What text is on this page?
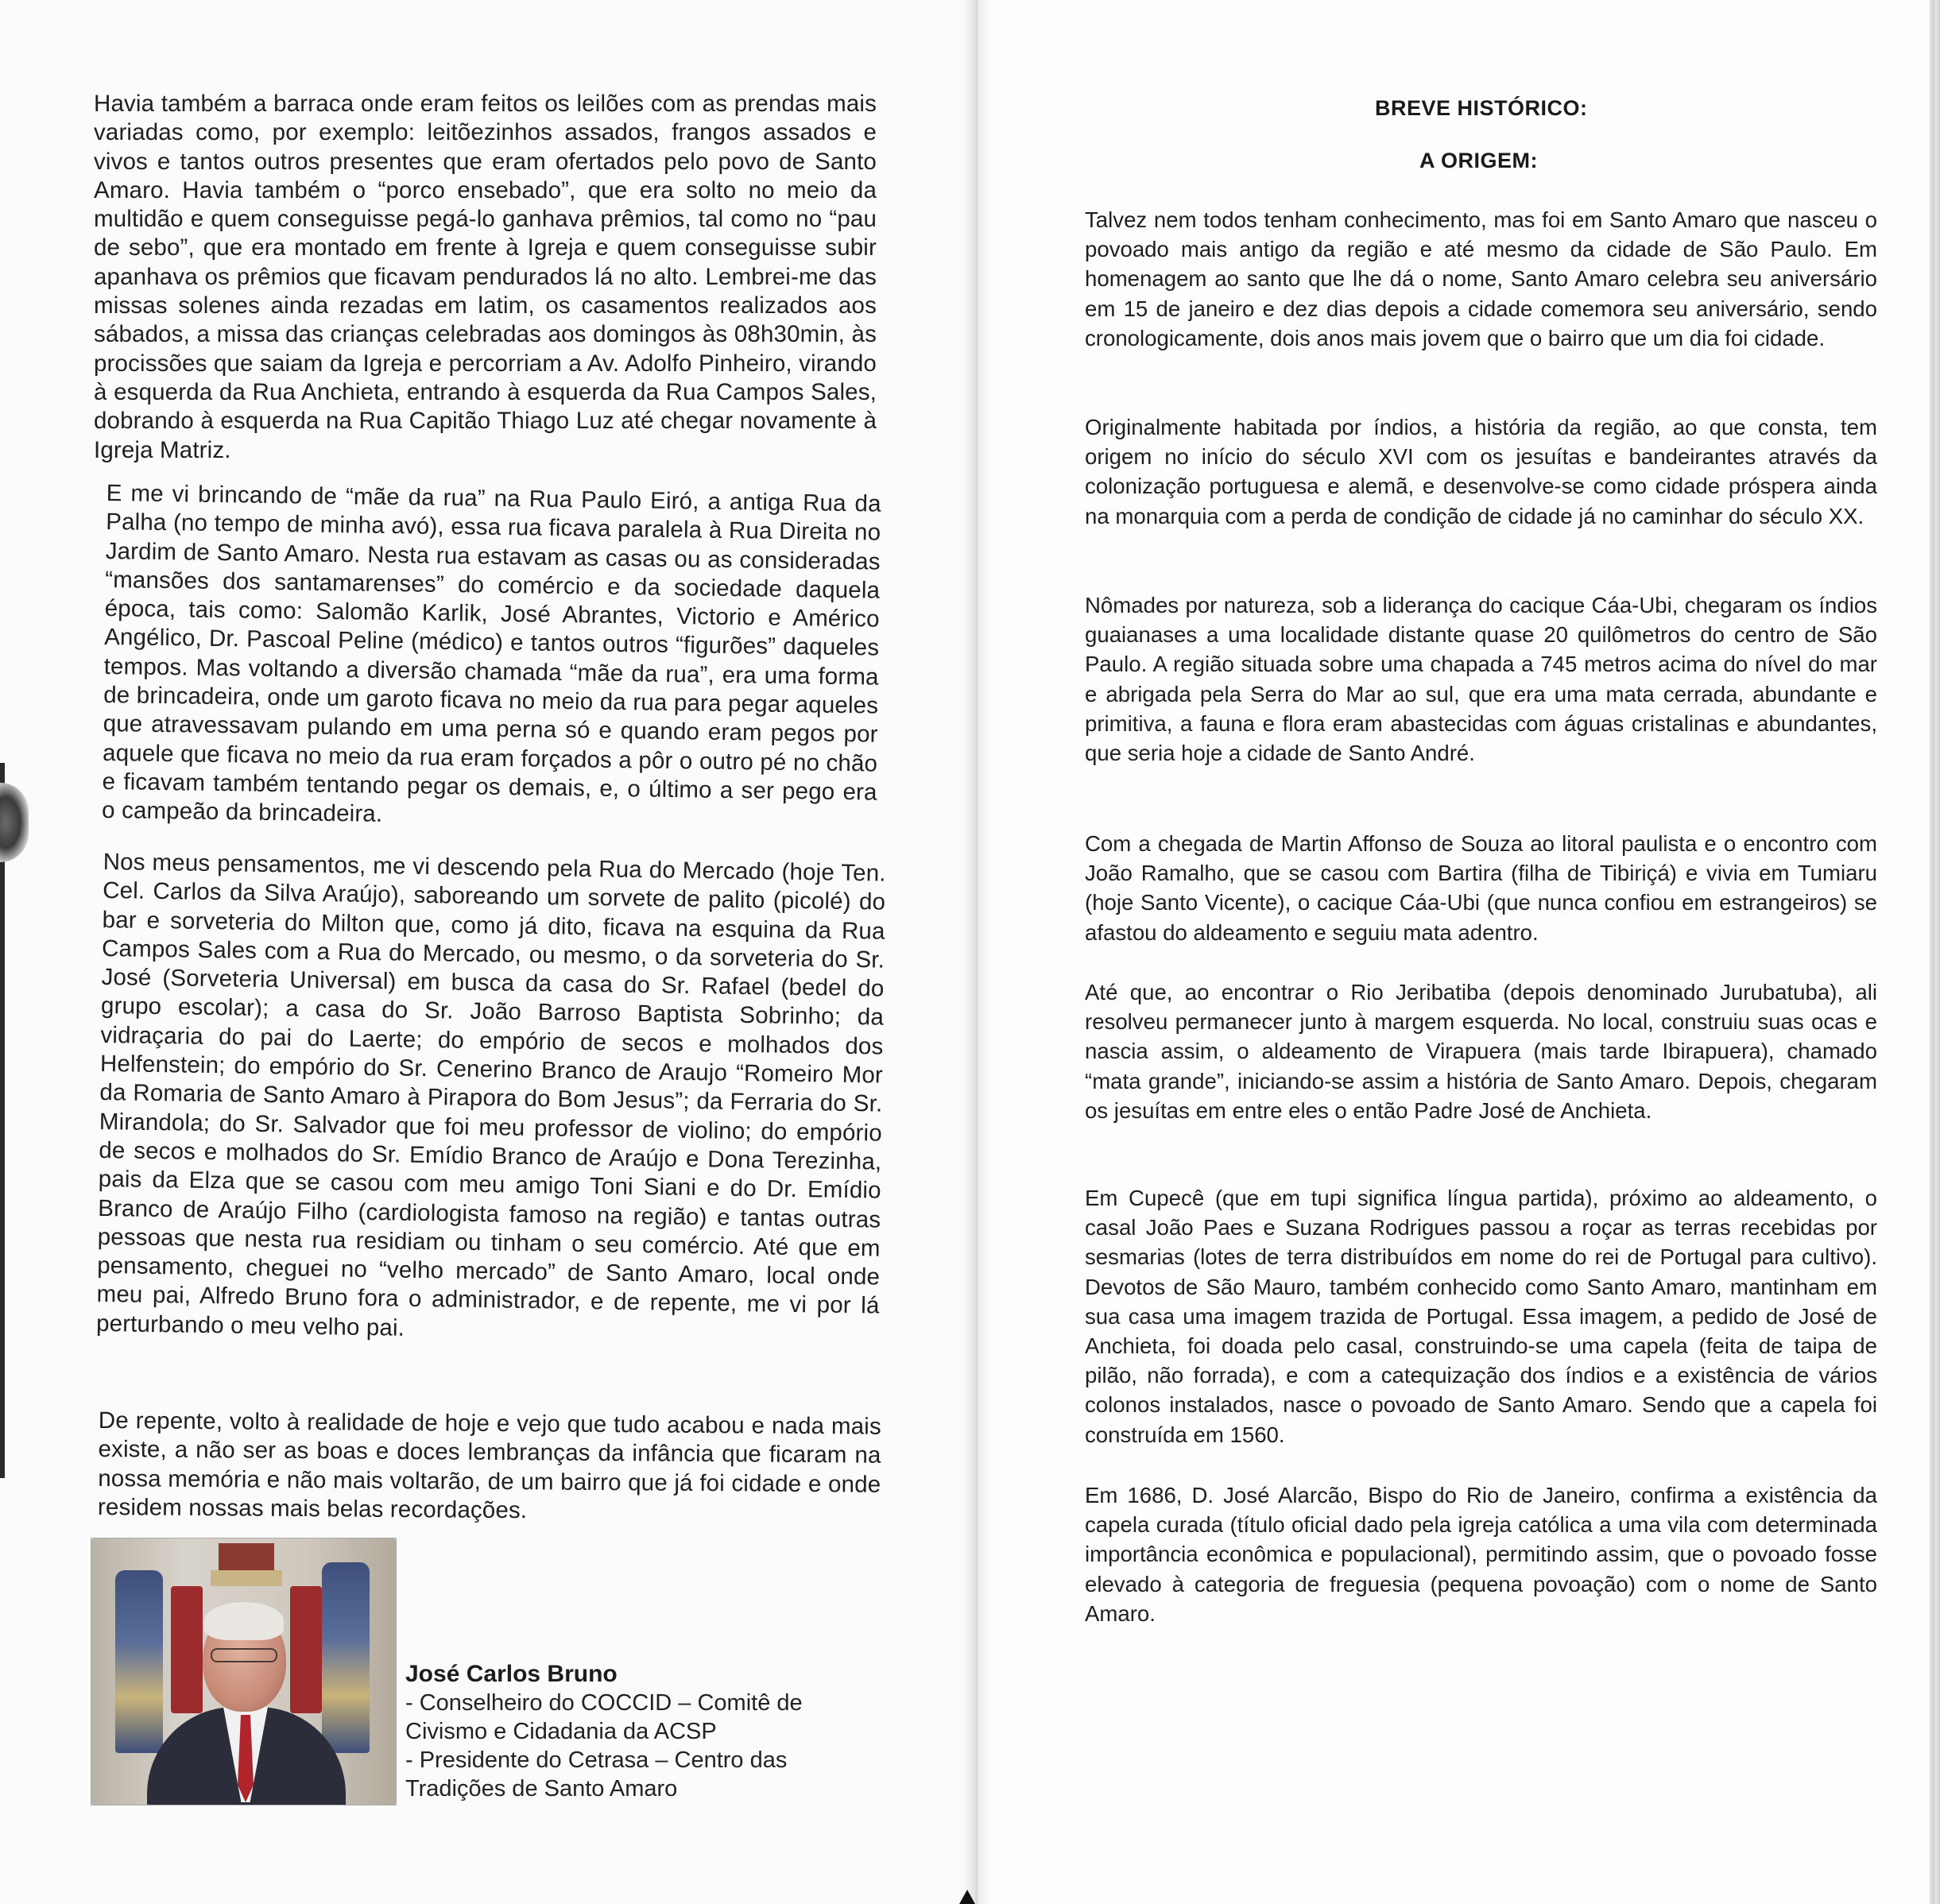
Havia também a barraca onde eram feitos os leilões com as prendas mais variadas como, por exemplo: leitõezinhos assados, frangos assados e vivos e tantos outros presentes que eram ofertados pelo povo de Santo Amaro. Havia também o “porco ensebado”, que era solto no meio da multidão e quem conseguisse pegá-lo ganhava prêmios, tal como no “pau de sebo”, que era montado em frente à Igreja e quem conseguisse subir apanhava os prêmios que ficavam pendurados lá no alto. Lembrei-me das missas solenes ainda rezadas em latim, os casamentos realizados aos sábados, a missa das crianças celebradas aos domingos às 08h30min, às procissões que saiam da Igreja e percorriam a Av. Adolfo Pinheiro, virando à esquerda da Rua Anchieta, entrando à esquerda da Rua Campos Sales, dobrando à esquerda na Rua Capitão Thiago Luz até chegar novamente à Igreja Matriz.

E me vi brincando de “mãe da rua” na Rua Paulo Eiró, a antiga Rua da Palha (no tempo de minha avó), essa rua ficava paralela à Rua Direita no Jardim de Santo Amaro. Nesta rua estavam as casas ou as consideradas “mansões dos santamarenses” do comércio e da sociedade daquela época, tais como: Salomão Karlik, José Abrantes, Victorio e Américo Angélico, Dr. Pascoal Peline (médico) e tantos outros “figurões” daqueles tempos. Mas voltando a diversão chamada “mãe da rua”, era uma forma de brincadeira, onde um garoto ficava no meio da rua para pegar aqueles que atravessavam pulando em uma perna só e quando eram pegos por aquele que ficava no meio da rua eram forçados a pôr o outro pé no chão e ficavam também tentando pegar os demais, e, o último a ser pego era o campeão da brincadeira.

Nos meus pensamentos, me vi descendo pela Rua do Mercado (hoje Ten. Cel. Carlos da Silva Araújo), saboreando um sorvete de palito (picolé) do bar e sorveteria do Milton que, como já dito, ficava na esquina da Rua Campos Sales com a Rua do Mercado, ou mesmo, o da sorveteria do Sr. José (Sorveteria Universal) em busca da casa do Sr. Rafael (bedel do grupo escolar); a casa do Sr. João Barroso Baptista Sobrinho; da vidraçaria do pai do Laerte; do empório de secos e molhados dos Helfenstein; do empório do Sr. Cenerino Branco de Araujo “Romeiro Mor da Romaria de Santo Amaro à Pirapora do Bom Jesus”; da Ferraria do Sr. Mirandola; do Sr. Salvador que foi meu professor de violino; do empório de secos e molhados do Sr. Emídio Branco de Araújo e Dona Terezinha, pais da Elza que se casou com meu amigo Toni Siani e do Dr. Emídio Branco de Araújo Filho (cardiologista famoso na região) e tantas outras pessoas que nesta rua residiam ou tinham o seu comércio. Até que em pensamento, cheguei no “velho mercado” de Santo Amaro, local onde meu pai, Alfredo Bruno fora o administrador, e de repente, me vi por lá perturbando o meu velho pai.

De repente, volto à realidade de hoje e vejo que tudo acabou e nada mais existe, a não ser as boas e doces lembranças da infância que ficaram na nossa memória e não mais voltarão, de um bairro que já foi cidade e onde residem nossas mais belas recordações.

José Carlos Bruno
- Conselheiro do COCCID – Comitê de Civismo e Cidadania da ACSP
- Presidente do Cetrasa – Centro das Tradições de Santo Amaro
BREVE HISTÓRICO:
A ORIGEM:

Talvez nem todos tenham conhecimento, mas foi em Santo Amaro que nasceu o povoado mais antigo da região e até mesmo da cidade de São Paulo. Em homenagem ao santo que lhe dá o nome, Santo Amaro celebra seu aniversário em 15 de janeiro e dez dias depois a cidade comemora seu aniversário, sendo cronologicamente, dois anos mais jovem que o bairro que um dia foi cidade.

Originalmente habitada por índios, a história da região, ao que consta, tem origem no início do século XVI com os jesuítas e bandeirantes através da colonização portuguesa e alemã, e desenvolve-se como cidade próspera ainda na monarquia com a perda de condição de cidade já no caminhar do século XX.

Nômades por natureza, sob a liderança do cacique Cáa-Ubi, chegaram os índios guaianases a uma localidade distante quase 20 quilômetros do centro de São Paulo. A região situada sobre uma chapada a 745 metros acima do nível do mar e abrigada pela Serra do Mar ao sul, que era uma mata cerrada, abundante e primitiva, a fauna e flora eram abastecidas com águas cristalinas e abundantes, que seria hoje a cidade de Santo André.

Com a chegada de Martin Affonso de Souza ao litoral paulista e o encontro com João Ramalho, que se casou com Bartira (filha de Tibiriçá) e vivia em Tumiaru (hoje Santo Vicente), o cacique Cáa-Ubi (que nunca confiou em estrangeiros) se afastou do aldeamento e seguiu mata adentro.

Até que, ao encontrar o Rio Jeribatiba (depois denominado Jurubatuba), ali resolveu permanecer junto à margem esquerda. No local, construiu suas ocas e nascia assim, o aldeamento de Virapuera (mais tarde Ibirapuera), chamado “mata grande”, iniciando-se assim a história de Santo Amaro. Depois, chegaram os jesuítas em entre eles o então Padre José de Anchieta.

Em Cupecê (que em tupi significa língua partida), próximo ao aldeamento, o casal João Paes e Suzana Rodrigues passou a roçar as terras recebidas por sesmarias (lotes de terra distribuídos em nome do rei de Portugal para cultivo). Devotos de São Mauro, também conhecido como Santo Amaro, mantinham em sua casa uma imagem trazida de Portugal. Essa imagem, a pedido de José de Anchieta, foi doada pelo casal, construindo-se uma capela (feita de taipa de pilão, não forrada), e com a catequização dos índios e a existência de vários colonos instalados, nasce o povoado de Santo Amaro. Sendo que a capela foi construída em 1560.

Em 1686, D. José Alarcão, Bispo do Rio de Janeiro, confirma a existência da capela curada (título oficial dado pela igreja católica a uma vila com determinada importância econômica e populacional), permitindo assim, que o povoado fosse elevado à categoria de freguesia (pequena povoação) com o nome de Santo Amaro.
